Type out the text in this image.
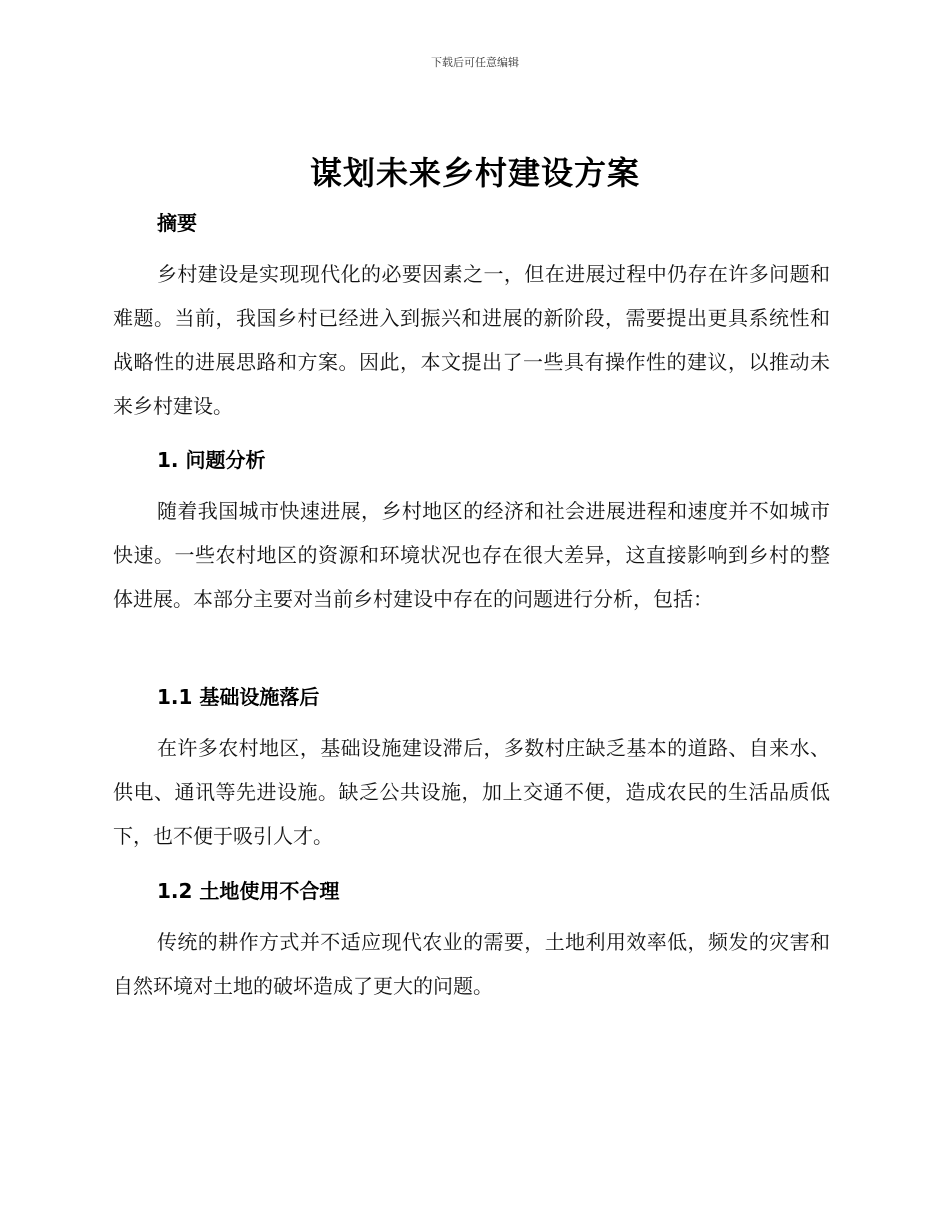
下载后可任意编辑
谋划未来乡村建设方案
摘要

乡村建设是实现现代化的必要因素之一，但在进展过程中仍存在许多问题和难题。当前，我国乡村已经进入到振兴和进展的新阶段，需要提出更具系统性和战略性的进展思路和方案。因此，本文提出了一些具有操作性的建议，以推动未来乡村建设。

1. 问题分析

随着我国城市快速进展，乡村地区的经济和社会进展进程和速度并不如城市快速。一些农村地区的资源和环境状况也存在很大差异，这直接影响到乡村的整体进展。本部分主要对当前乡村建设中存在的问题进行分析，包括：

1.1 基础设施落后

在许多农村地区，基础设施建设滞后，多数村庄缺乏基本的道路、自来水、供电、通讯等先进设施。缺乏公共设施，加上交通不便，造成农民的生活品质低下，也不便于吸引人才。

1.2 土地使用不合理

传统的耕作方式并不适应现代农业的需要，土地利用效率低，频发的灾害和自然环境对土地的破坏造成了更大的问题。
